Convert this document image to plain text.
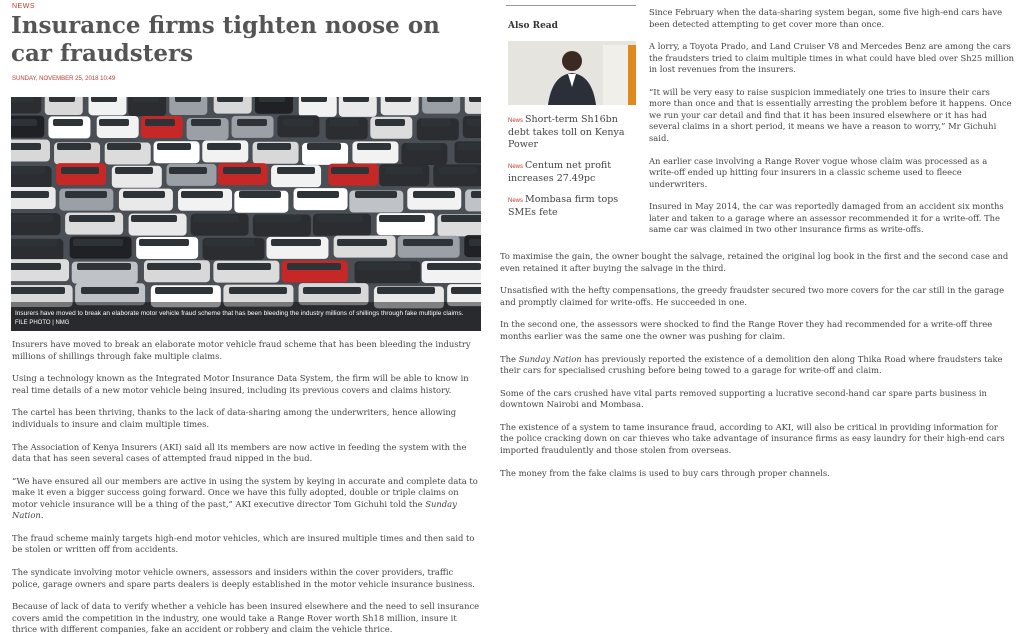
NEWS
Insurance firms tighten noose on car fraudsters
SUNDAY, NOVEMBER 25, 2018 10:49
Insurers have moved to break an elaborate motor vehicle fraud scheme that has been bleeding the industry millions of shillings through fake multiple claims.
FILE PHOTO | NMG

Insurers have moved to break an elaborate motor vehicle fraud scheme that has been bleeding the industry millions of shillings through fake multiple claims.

Using a technology known as the Integrated Motor Insurance Data System, the firm will be able to know in real time details of a new motor vehicle being insured, including its previous covers and claims history.

The cartel has been thriving, thanks to the lack of data-sharing among the underwriters, hence allowing individuals to insure and claim multiple times.

The Association of Kenya Insurers (AKI) said all its members are now active in feeding the system with the data that has seen several cases of attempted fraud nipped in the bud.

“We have ensured all our members are active in using the system by keying in accurate and complete data to make it even a bigger success going forward. Once we have this fully adopted, double or triple claims on motor vehicle insurance will be a thing of the past,” AKI executive director Tom Gichuhi told the Sunday Nation.

The fraud scheme mainly targets high-end motor vehicles, which are insured multiple times and then said to be stolen or written off from accidents.

The syndicate involving motor vehicle owners, assessors and insiders within the cover providers, traffic police, garage owners and spare parts dealers is deeply established in the motor vehicle insurance business.

Because of lack of data to verify whether a vehicle has been insured elsewhere and the need to sell insurance covers amid the competition in the industry, one would take a Range Rover worth Sh18 million, insure it thrice with different companies, fake an accident or robbery and claim the vehicle thrice.

Also Read
News Short-term Sh16bn debt takes toll on Kenya Power
News Centum net profit increases 27.49pc
News Mombasa firm tops SMEs fete

Since February when the data-sharing system began, some five high-end cars have been detected attempting to get cover more than once.

A lorry, a Toyota Prado, and Land Cruiser V8 and Mercedes Benz are among the cars the fraudsters tried to claim multiple times in what could have bled over Sh25 million in lost revenues from the insurers.

“It will be very easy to raise suspicion immediately one tries to insure their cars more than once and that is essentially arresting the problem before it happens. Once we run your car detail and find that it has been insured elsewhere or it has had several claims in a short period, it means we have a reason to worry,” Mr Gichuhi said.

An earlier case involving a Range Rover vogue whose claim was processed as a write-off ended up hitting four insurers in a classic scheme used to fleece underwriters.

Insured in May 2014, the car was reportedly damaged from an accident six months later and taken to a garage where an assessor recommended it for a write-off. The same car was claimed in two other insurance firms as write-offs.

To maximise the gain, the owner bought the salvage, retained the original log book in the first and the second case and even retained it after buying the salvage in the third.

Unsatisfied with the hefty compensations, the greedy fraudster secured two more covers for the car still in the garage and promptly claimed for write-offs. He succeeded in one.

In the second one, the assessors were shocked to find the Range Rover they had recommended for a write-off three months earlier was the same one the owner was pushing for claim.

The Sunday Nation has previously reported the existence of a demolition den along Thika Road where fraudsters take their cars for specialised crushing before being towed to a garage for write-off and claim.

Some of the cars crushed have vital parts removed supporting a lucrative second-hand car spare parts business in downtown Nairobi and Mombasa.

The existence of a system to tame insurance fraud, according to AKI, will also be critical in providing information for the police cracking down on car thieves who take advantage of insurance firms as easy laundry for their high-end cars imported fraudulently and those stolen from overseas.

The money from the fake claims is used to buy cars through proper channels.
